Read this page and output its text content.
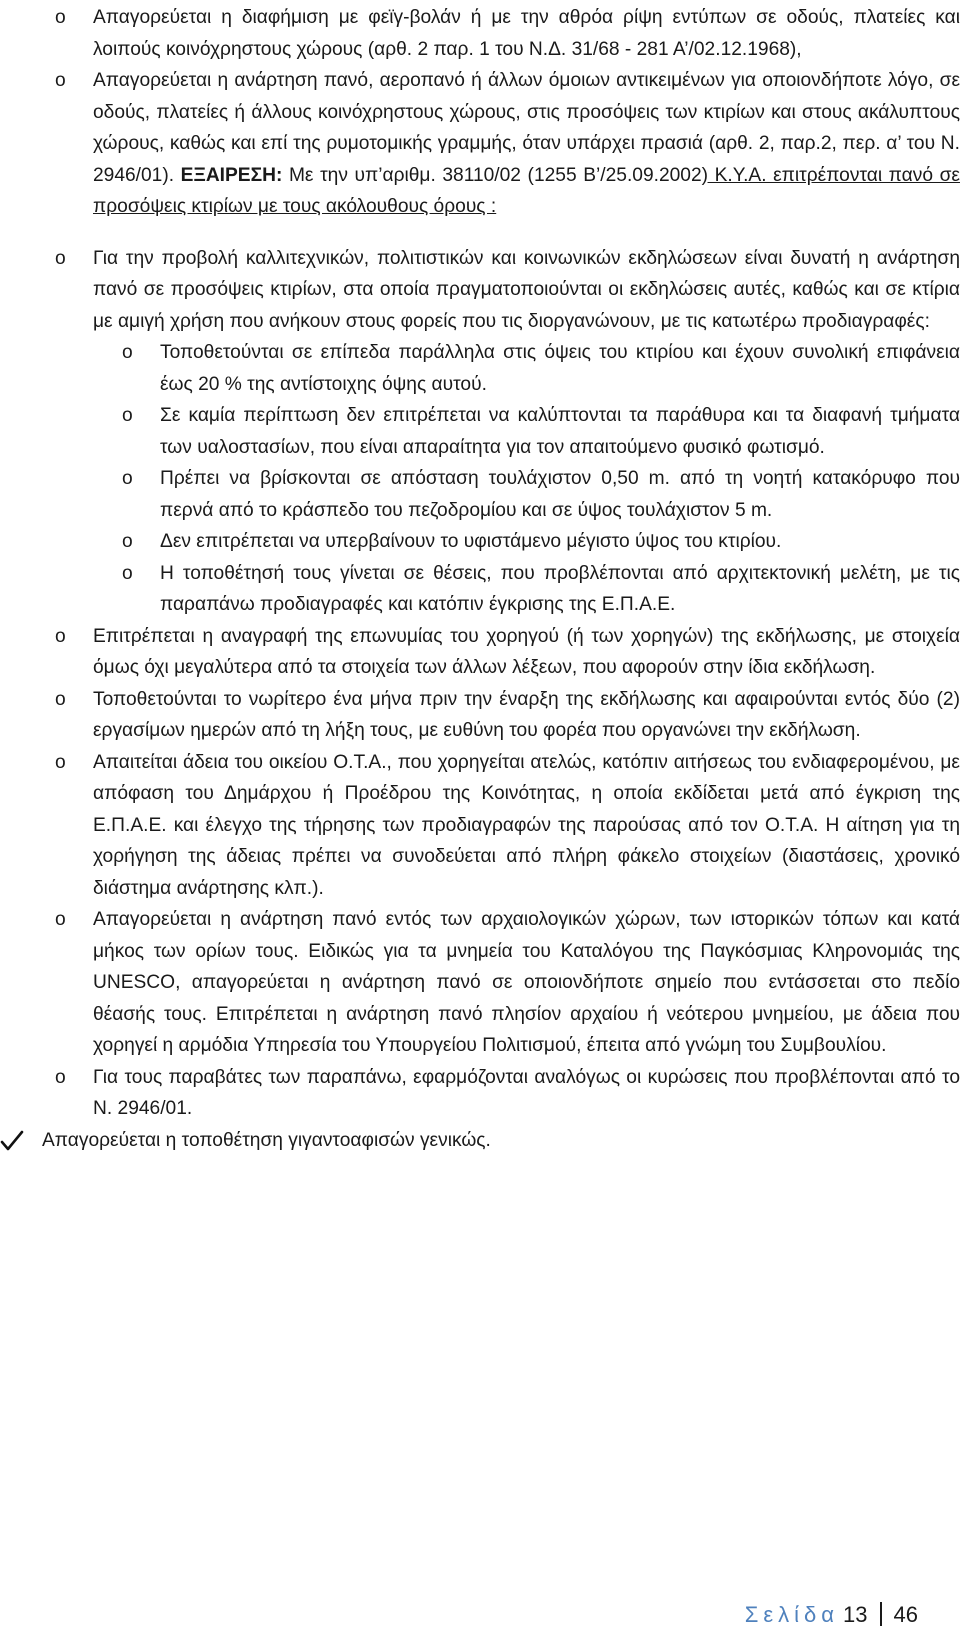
o Απαγορεύεται η διαφήμιση με φεϊγ-βολάν ή με την αθρόα ρίψη εντύπων σε οδούς, πλατείες και λοιπούς κοινόχρηστους χώρους (αρθ. 2 παρ. 1 του Ν.Δ. 31/68 - 281 Α’/02.12.1968),
o Απαγορεύεται η ανάρτηση πανό, αεροπανό ή άλλων όμοιων αντικειμένων για οποιονδήποτε λόγο, σε οδούς, πλατείες ή άλλους κοινόχρηστους χώρους, στις προσόψεις των κτιρίων και στους ακάλυπτους χώρους, καθώς και επί της ρυμοτομικής γραμμής, όταν υπάρχει πρασιά (αρθ. 2, παρ.2, περ. α’ του Ν. 2946/01). ΕΞΑΙΡΕΣΗ: Με την υπ’αριθμ. 38110/02 (1255 Β’/25.09.2002) Κ.Υ.Α. επιτρέπονται πανό σε προσόψεις κτιρίων με τους ακόλουθους όρους :
o Για την προβολή καλλιτεχνικών, πολιτιστικών και κοινωνικών εκδηλώσεων είναι δυνατή η ανάρτηση πανό σε προσόψεις κτιρίων, στα οποία πραγματοποιούνται οι εκδηλώσεις αυτές, καθώς και σε κτίρια με αμιγή χρήση που ανήκουν στους φορείς που τις διοργανώνουν, με τις κατωτέρω προδιαγραφές:
o Τοποθετούνται σε επίπεδα παράλληλα στις όψεις του κτιρίου και έχουν συνολική επιφάνεια έως 20 % της αντίστοιχης όψης αυτού.
o Σε καμία περίπτωση δεν επιτρέπεται να καλύπτονται τα παράθυρα και τα διαφανή τμήματα των υαλοστασίων, που είναι απαραίτητα για τον απαιτούμενο φυσικό φωτισμό.
o Πρέπει να βρίσκονται σε απόσταση τουλάχιστον 0,50 m. από τη νοητή κατακόρυφο που περνά από το κράσπεδο του πεζοδρομίου και σε ύψος τουλάχιστον 5 m.
o Δεν επιτρέπεται να υπερβαίνουν το υφιστάμενο μέγιστο ύψος του κτιρίου.
o Η τοποθέτησή τους γίνεται σε θέσεις, που προβλέπονται από αρχιτεκτονική μελέτη, με τις παραπάνω προδιαγραφές και κατόπιν έγκρισης της Ε.Π.Α.Ε.
o Επιτρέπεται η αναγραφή της επωνυμίας του χορηγού (ή των χορηγών) της εκδήλωσης, με στοιχεία όμως όχι μεγαλύτερα από τα στοιχεία των άλλων λέξεων, που αφορούν στην ίδια εκδήλωση.
o Τοποθετούνται το νωρίτερο ένα μήνα πριν την έναρξη της εκδήλωσης και αφαιρούνται εντός δύο (2) εργασίμων ημερών από τη λήξη τους, με ευθύνη του φορέα που οργανώνει την εκδήλωση.
o Απαιτείται άδεια του οικείου Ο.Τ.Α., που χορηγείται ατελώς, κατόπιν αιτήσεως του ενδιαφερομένου, με απόφαση του Δημάρχου ή Προέδρου της Κοινότητας, η οποία εκδίδεται μετά από έγκριση της Ε.Π.Α.Ε. και έλεγχο της τήρησης των προδιαγραφών της παρούσας από τον Ο.Τ.Α. Η αίτηση για τη χορήγηση της άδειας πρέπει να συνοδεύεται από πλήρη φάκελο στοιχείων (διαστάσεις, χρονικό διάστημα ανάρτησης κλπ.).
o Απαγορεύεται η ανάρτηση πανό εντός των αρχαιολογικών χώρων, των ιστορικών τόπων και κατά μήκος των ορίων τους. Ειδικώς για τα μνημεία του Καταλόγου της Παγκόσμιας Κληρονομιάς της UNESCO, απαγορεύεται η ανάρτηση πανό σε οποιονδήποτε σημείο που εντάσσεται στο πεδίο θέασής τους. Επιτρέπεται η ανάρτηση πανό πλησίον αρχαίου ή νεότερου μνημείου, με άδεια που χορηγεί η αρμόδια Υπηρεσία του Υπουργείου Πολιτισμού, έπειτα από γνώμη του Συμβουλίου.
o Για τους παραβάτες των παραπάνω, εφαρμόζονται αναλόγως οι κυρώσεις που προβλέπονται από το Ν. 2946/01.
Απαγορεύεται η τοποθέτηση γιγαντοαφισών γενικώς.
Σελίδα 13 46
